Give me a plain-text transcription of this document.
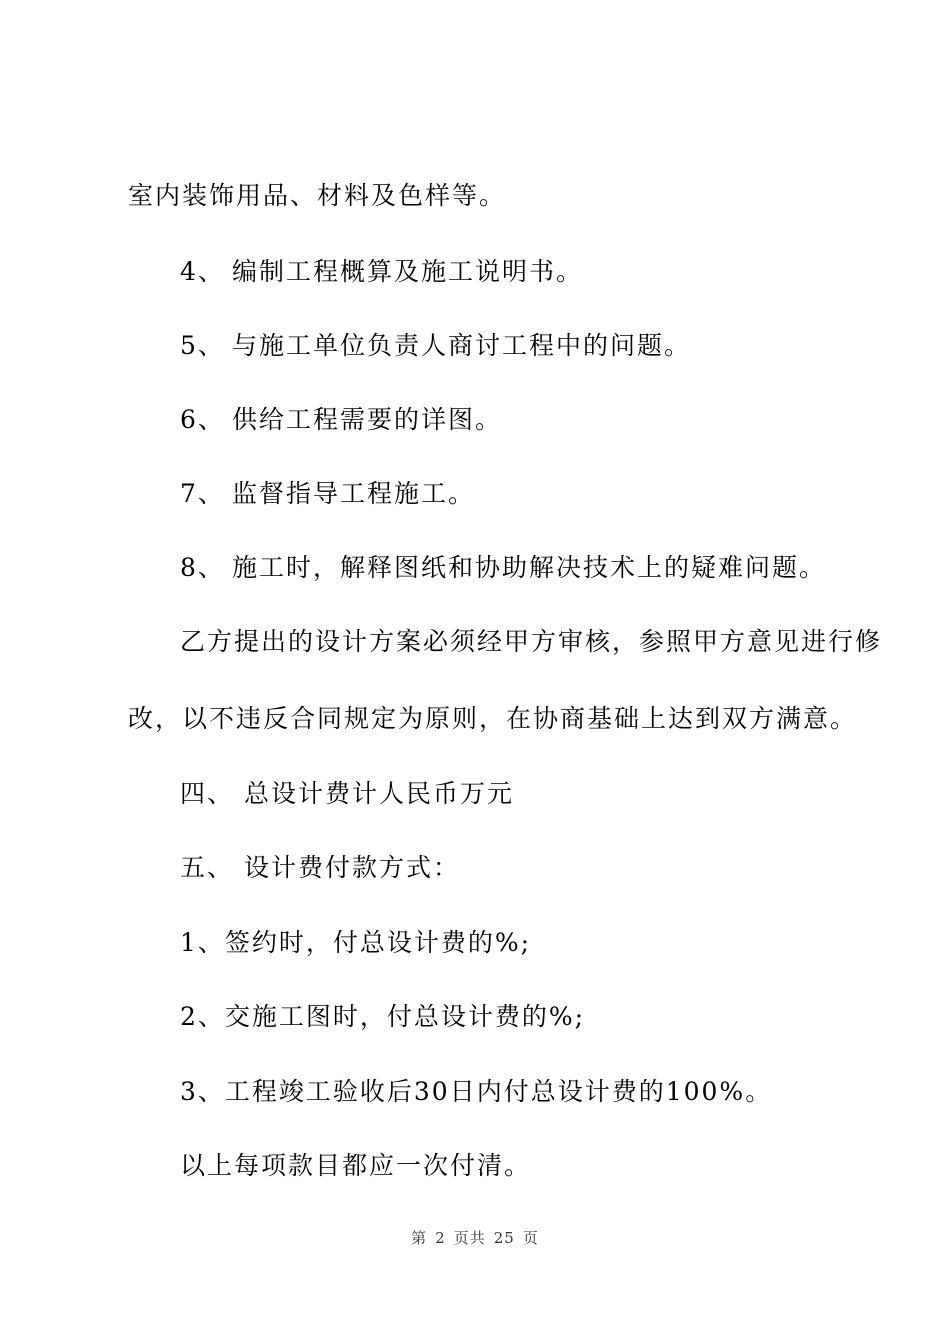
室内装饰用品、材料及色样等。
4、 编制工程概算及施工说明书。
5、 与施工单位负责人商讨工程中的问题。
6、 供给工程需要的详图。
7、 监督指导工程施工。
8、 施工时，解释图纸和协助解决技术上的疑难问题。
乙方提出的设计方案必须经甲方审核，参照甲方意见进行修
改，以不违反合同规定为原则，在协商基础上达到双方满意。
四、 总设计费计人民币万元
五、 设计费付款方式：
1、签约时，付总设计费的%;
2、交施工图时，付总设计费的%;
3、工程竣工验收后30日内付总设计费的100%。
以上每项款目都应一次付清。
第 2 页共 25 页
